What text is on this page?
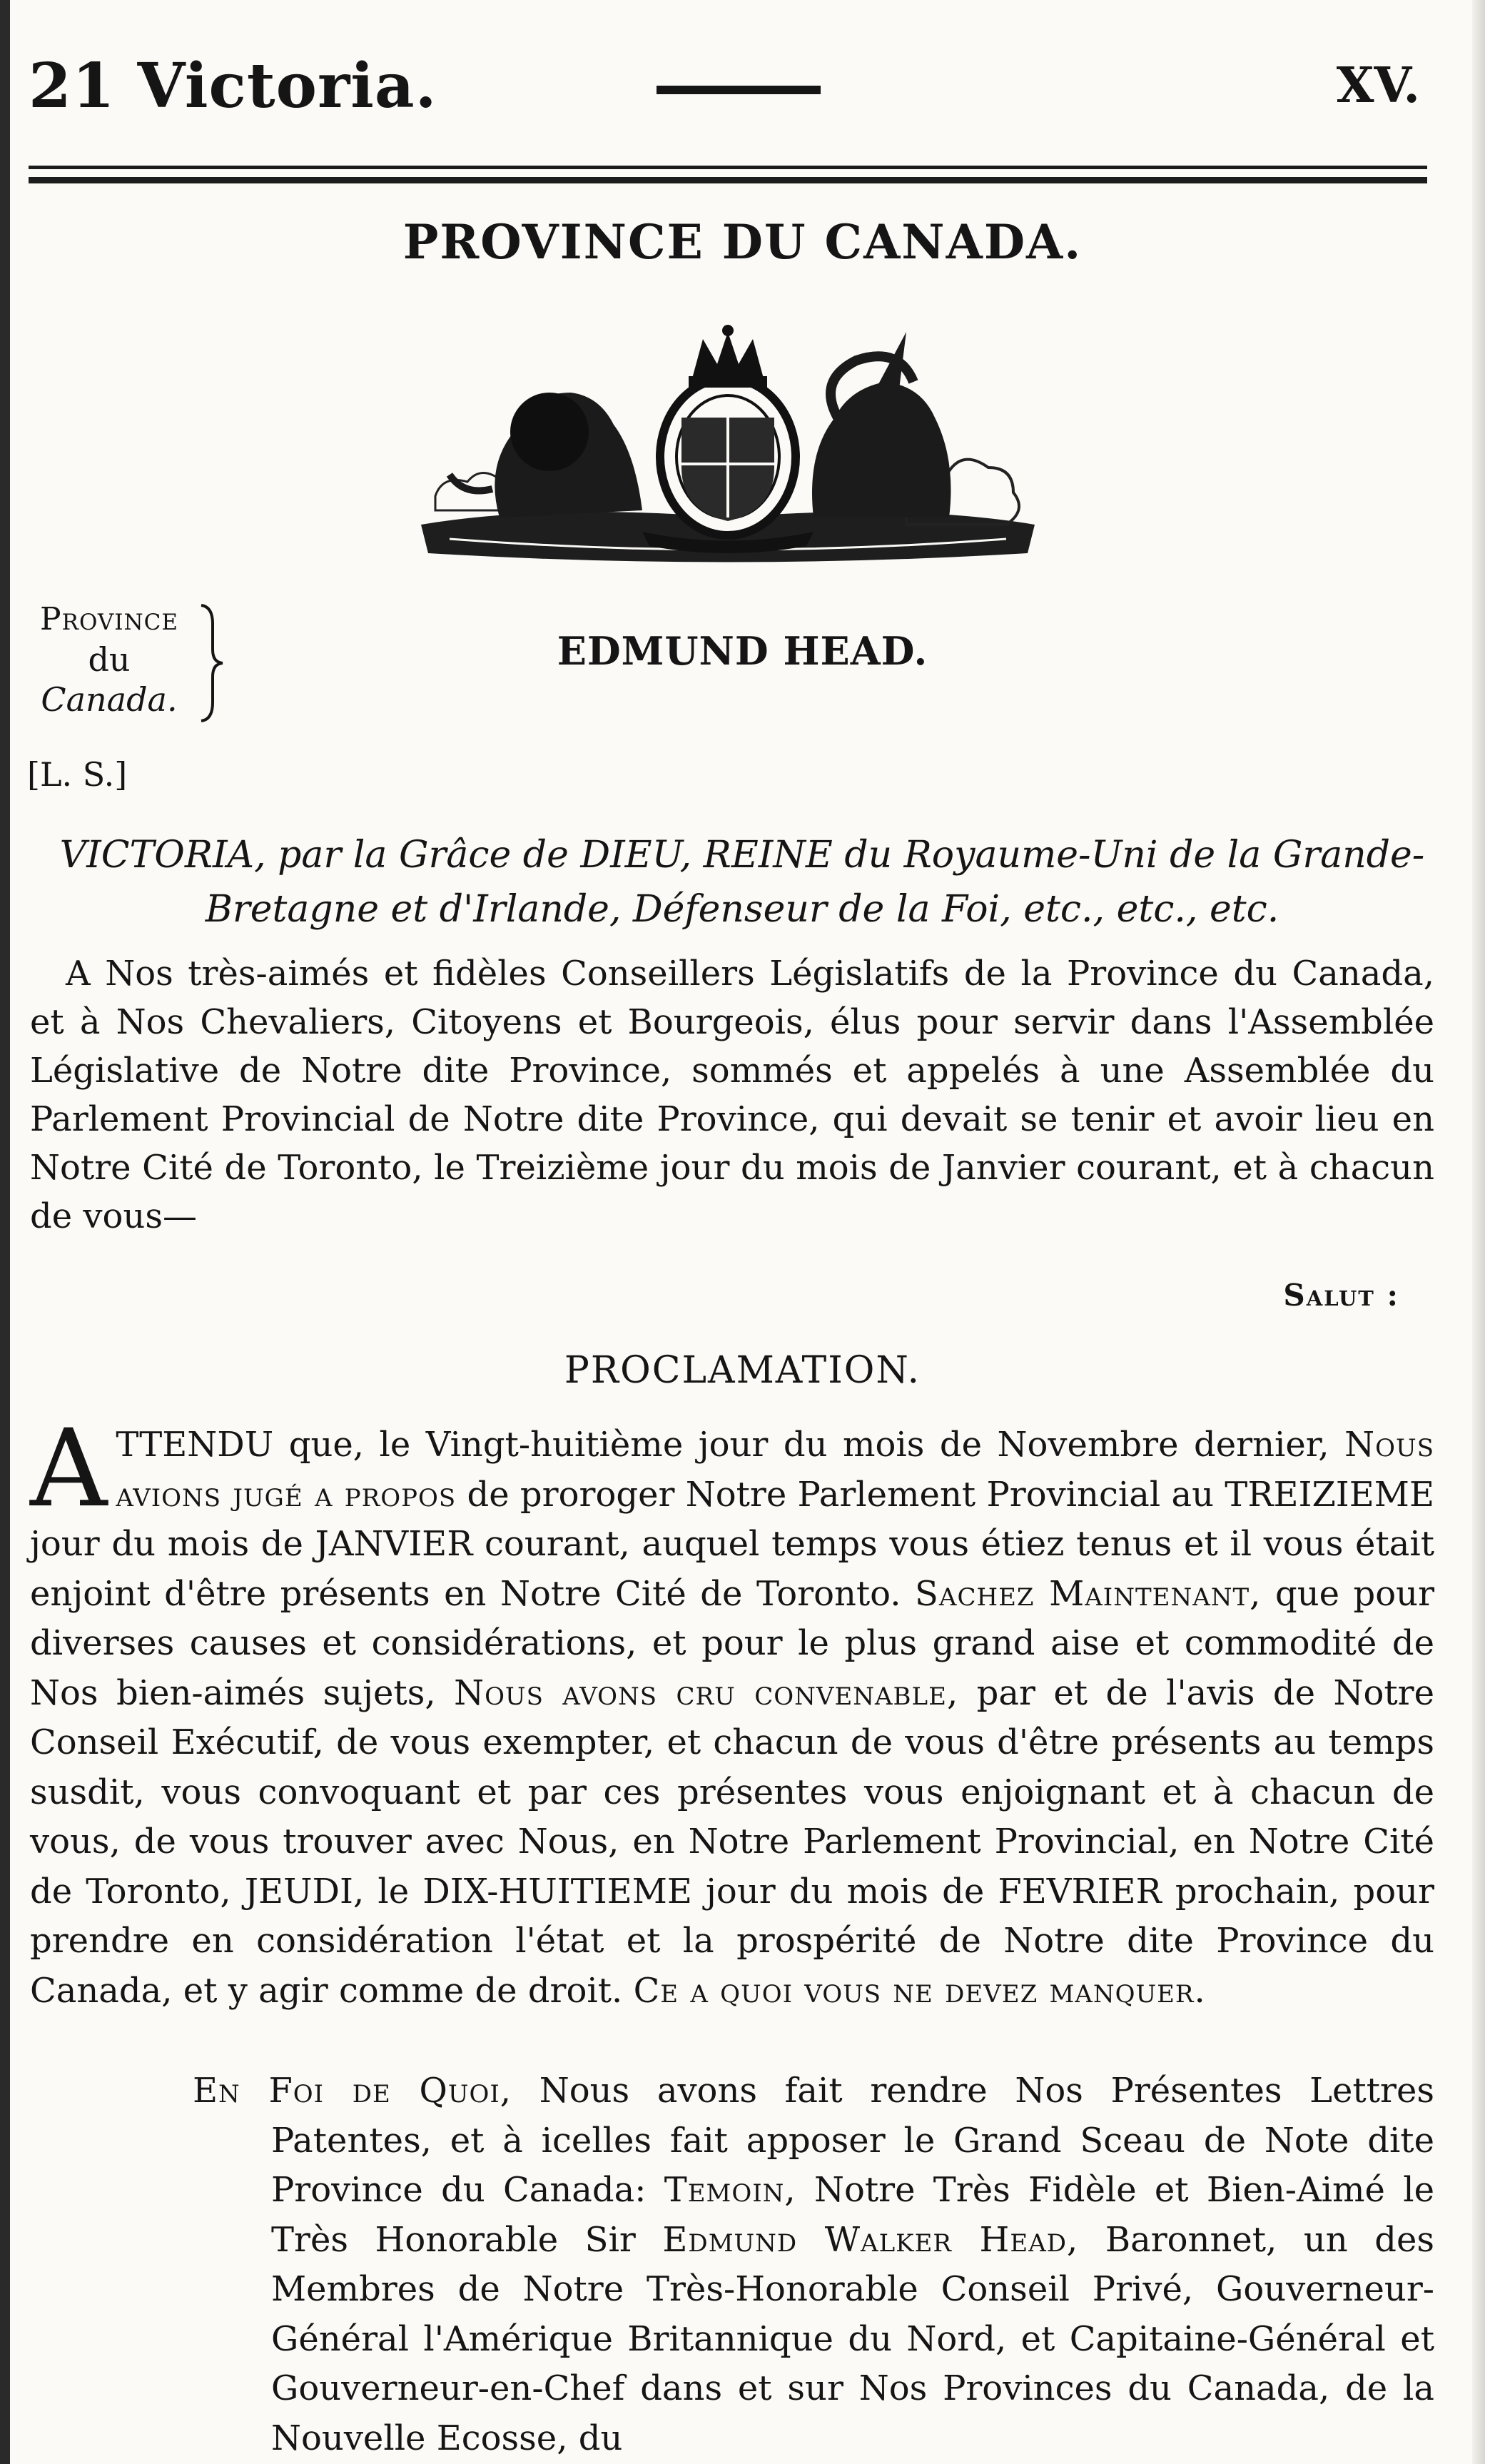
21 Victoria.	XV.
PROVINCE DU CANADA.
Province
du
Canada.
EDMUND HEAD.
[L. S.]
VICTORIA, par la Grâce de DIEU, REINE du Royaume-Uni de la Grande-
Bretagne et d'Irlande, Défenseur de la Foi, etc., etc., etc.

A Nos très-aimés et fidèles Conseillers Législatifs de la Province du Canada, et à Nos Chevaliers, Citoyens et Bourgeois, élus pour servir dans l'Assemblée Législative de Notre dite Province, sommés et appelés à une Assemblée du Parlement Provincial de Notre dite Province, qui devait se tenir et avoir lieu en Notre Cité de Toronto, le Treizième jour du mois de Janvier courant, et à chacun de vous—

Salut :
PROCLAMATION.

ATTENDU que, le Vingt-huitième jour du mois de Novembre dernier, Nous avions jugé a propos de proroger Notre Parlement Provincial au TREIZIEME jour du mois de JANVIER courant, auquel temps vous étiez tenus et il vous était enjoint d'être présents en Notre Cité de Toronto. Sachez Maintenant, que pour diverses causes et considérations, et pour le plus grand aise et commodité de Nos bien-aimés sujets, Nous avons cru convenable, par et de l'avis de Notre Conseil Exécutif, de vous exempter, et chacun de vous d'être présents au temps susdit, vous convoquant et par ces présentes vous enjoignant et à chacun de vous, de vous trouver avec Nous, en Notre Parlement Provincial, en Notre Cité de Toronto, JEUDI, le DIX-HUITIEME jour du mois de FEVRIER prochain, pour prendre en considération l'état et la prospérité de Notre dite Province du Canada, et y agir comme de droit. Ce a quoi vous ne devez manquer.

En Foi de Quoi, Nous avons fait rendre Nos Présentes Lettres Patentes, et à icelles fait apposer le Grand Sceau de Note dite Province du Canada: Temoin, Notre Très Fidèle et Bien-Aimé le Très Honorable Sir Edmund Walker Head, Baronnet, un des Membres de Notre Très-Honorable Conseil Privé, Gouverneur-Général l'Amérique Britannique du Nord, et Capitaine-Général et Gouverneur-en-Chef dans et sur Nos Provinces du Canada, de la Nouvelle Ecosse, du
